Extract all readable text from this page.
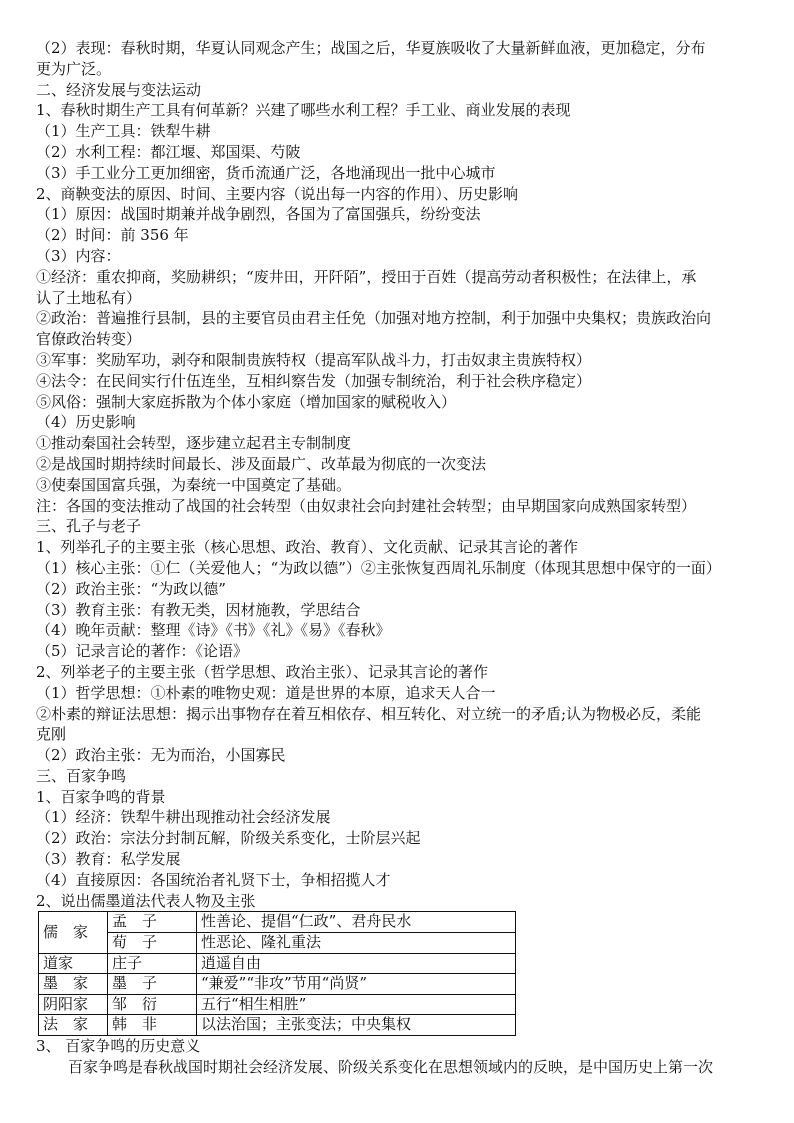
（2）表现：春秋时期，华夏认同观念产生；战国之后，华夏族吸收了大量新鲜血液，更加稳定，分布
更为广泛。
二、经济发展与变法运动
1、春秋时期生产工具有何革新？兴建了哪些水利工程？手工业、商业发展的表现
（1）生产工具：铁犁牛耕
（2）水利工程：都江堰、郑国渠、芍陂
（3）手工业分工更加细密，货币流通广泛，各地涌现出一批中心城市
2、商鞅变法的原因、时间、主要内容（说出每一内容的作用）、历史影响
（1）原因：战国时期兼并战争剧烈，各国为了富国强兵，纷纷变法
（2）时间：前 356 年
（3）内容：
①经济：重农抑商，奖励耕织；“废井田，开阡陌”，授田于百姓（提高劳动者积极性；在法律上，承
认了土地私有）
②政治：普遍推行县制，县的主要官员由君主任免（加强对地方控制，利于加强中央集权；贵族政治向
官僚政治转变）
③军事：奖励军功，剥夺和限制贵族特权（提高军队战斗力，打击奴隶主贵族特权）
④法令：在民间实行什伍连坐，互相纠察告发（加强专制统治，利于社会秩序稳定）
⑤风俗：强制大家庭拆散为个体小家庭（增加国家的赋税收入）
（4）历史影响
①推动秦国社会转型，逐步建立起君主专制制度
②是战国时期持续时间最长、涉及面最广、改革最为彻底的一次变法
③使秦国国富兵强，为秦统一中国奠定了基础。
注：各国的变法推动了战国的社会转型（由奴隶社会向封建社会转型；由早期国家向成熟国家转型）
三、孔子与老子
1、列举孔子的主要主张（核心思想、政治、教育）、文化贡献、记录其言论的著作
（1）核心主张：①仁（关爱他人；“为政以德”）②主张恢复西周礼乐制度（体现其思想中保守的一面）
（2）政治主张：“为政以德”
（3）教育主张：有教无类，因材施教，学思结合
（4）晚年贡献：整理《诗》《书》《礼》《易》《春秋》
（5）记录言论的著作：《论语》
2、列举老子的主要主张（哲学思想、政治主张）、记录其言论的著作
（1）哲学思想：①朴素的唯物史观：道是世界的本原，追求天人合一
②朴素的辩证法思想：揭示出事物存在着互相依存、相互转化、对立统一的矛盾;认为物极必反，柔能
克刚
（2）政治主张：无为而治，小国寡民
三、百家争鸣
1、百家争鸣的背景
（1）经济：铁犁牛耕出现推动社会经济发展
（2）政治：宗法分封制瓦解，阶级关系变化，士阶层兴起
（3）教育：私学发展
（4）直接原因：各国统治者礼贤下士，争相招揽人才
2、说出儒墨道法代表人物及主张
儒　家	孟　子	性善论、提倡“仁政”、君舟民水
	荀　子	性恶论、隆礼重法
道家	庄子	逍遥自由
墨　家	墨　子	“兼爱”“非攻”节用“尚贤”
阴阳家	邹　衍	五行“相生相胜”
法　家	韩　非	以法治国；主张变法；中央集权
3、 百家争鸣的历史意义
百家争鸣是春秋战国时期社会经济发展、阶级关系变化在思想领域内的反映，是中国历史上第一次
